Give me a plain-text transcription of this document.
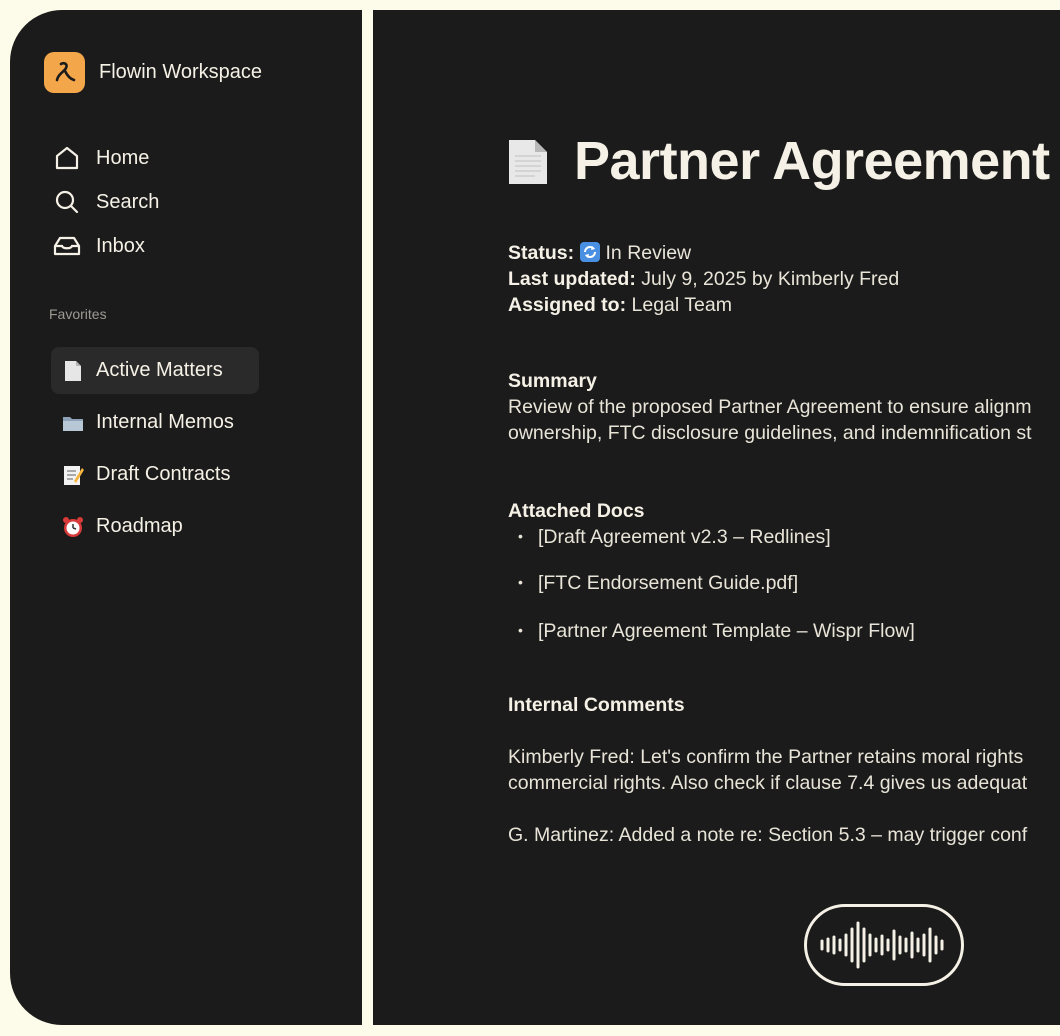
Flowin Workspace
Home
Search
Inbox
Favorites
Active Matters
Internal Memos
Draft Contracts
Roadmap
Partner Agreement
Status: In Review
Last updated: July 9, 2025 by Kimberly Fred
Assigned to: Legal Team
Summary
Review of the proposed Partner Agreement to ensure alignm
ownership, FTC disclosure guidelines, and indemnification st
Attached Docs
• [Draft Agreement v2.3 – Redlines]
• [FTC Endorsement Guide.pdf]
• [Partner Agreement Template – Wispr Flow]
Internal Comments
Kimberly Fred: Let's confirm the Partner retains moral rights
commercial rights. Also check if clause 7.4 gives us adequat
G. Martinez: Added a note re: Section 5.3 – may trigger conf
